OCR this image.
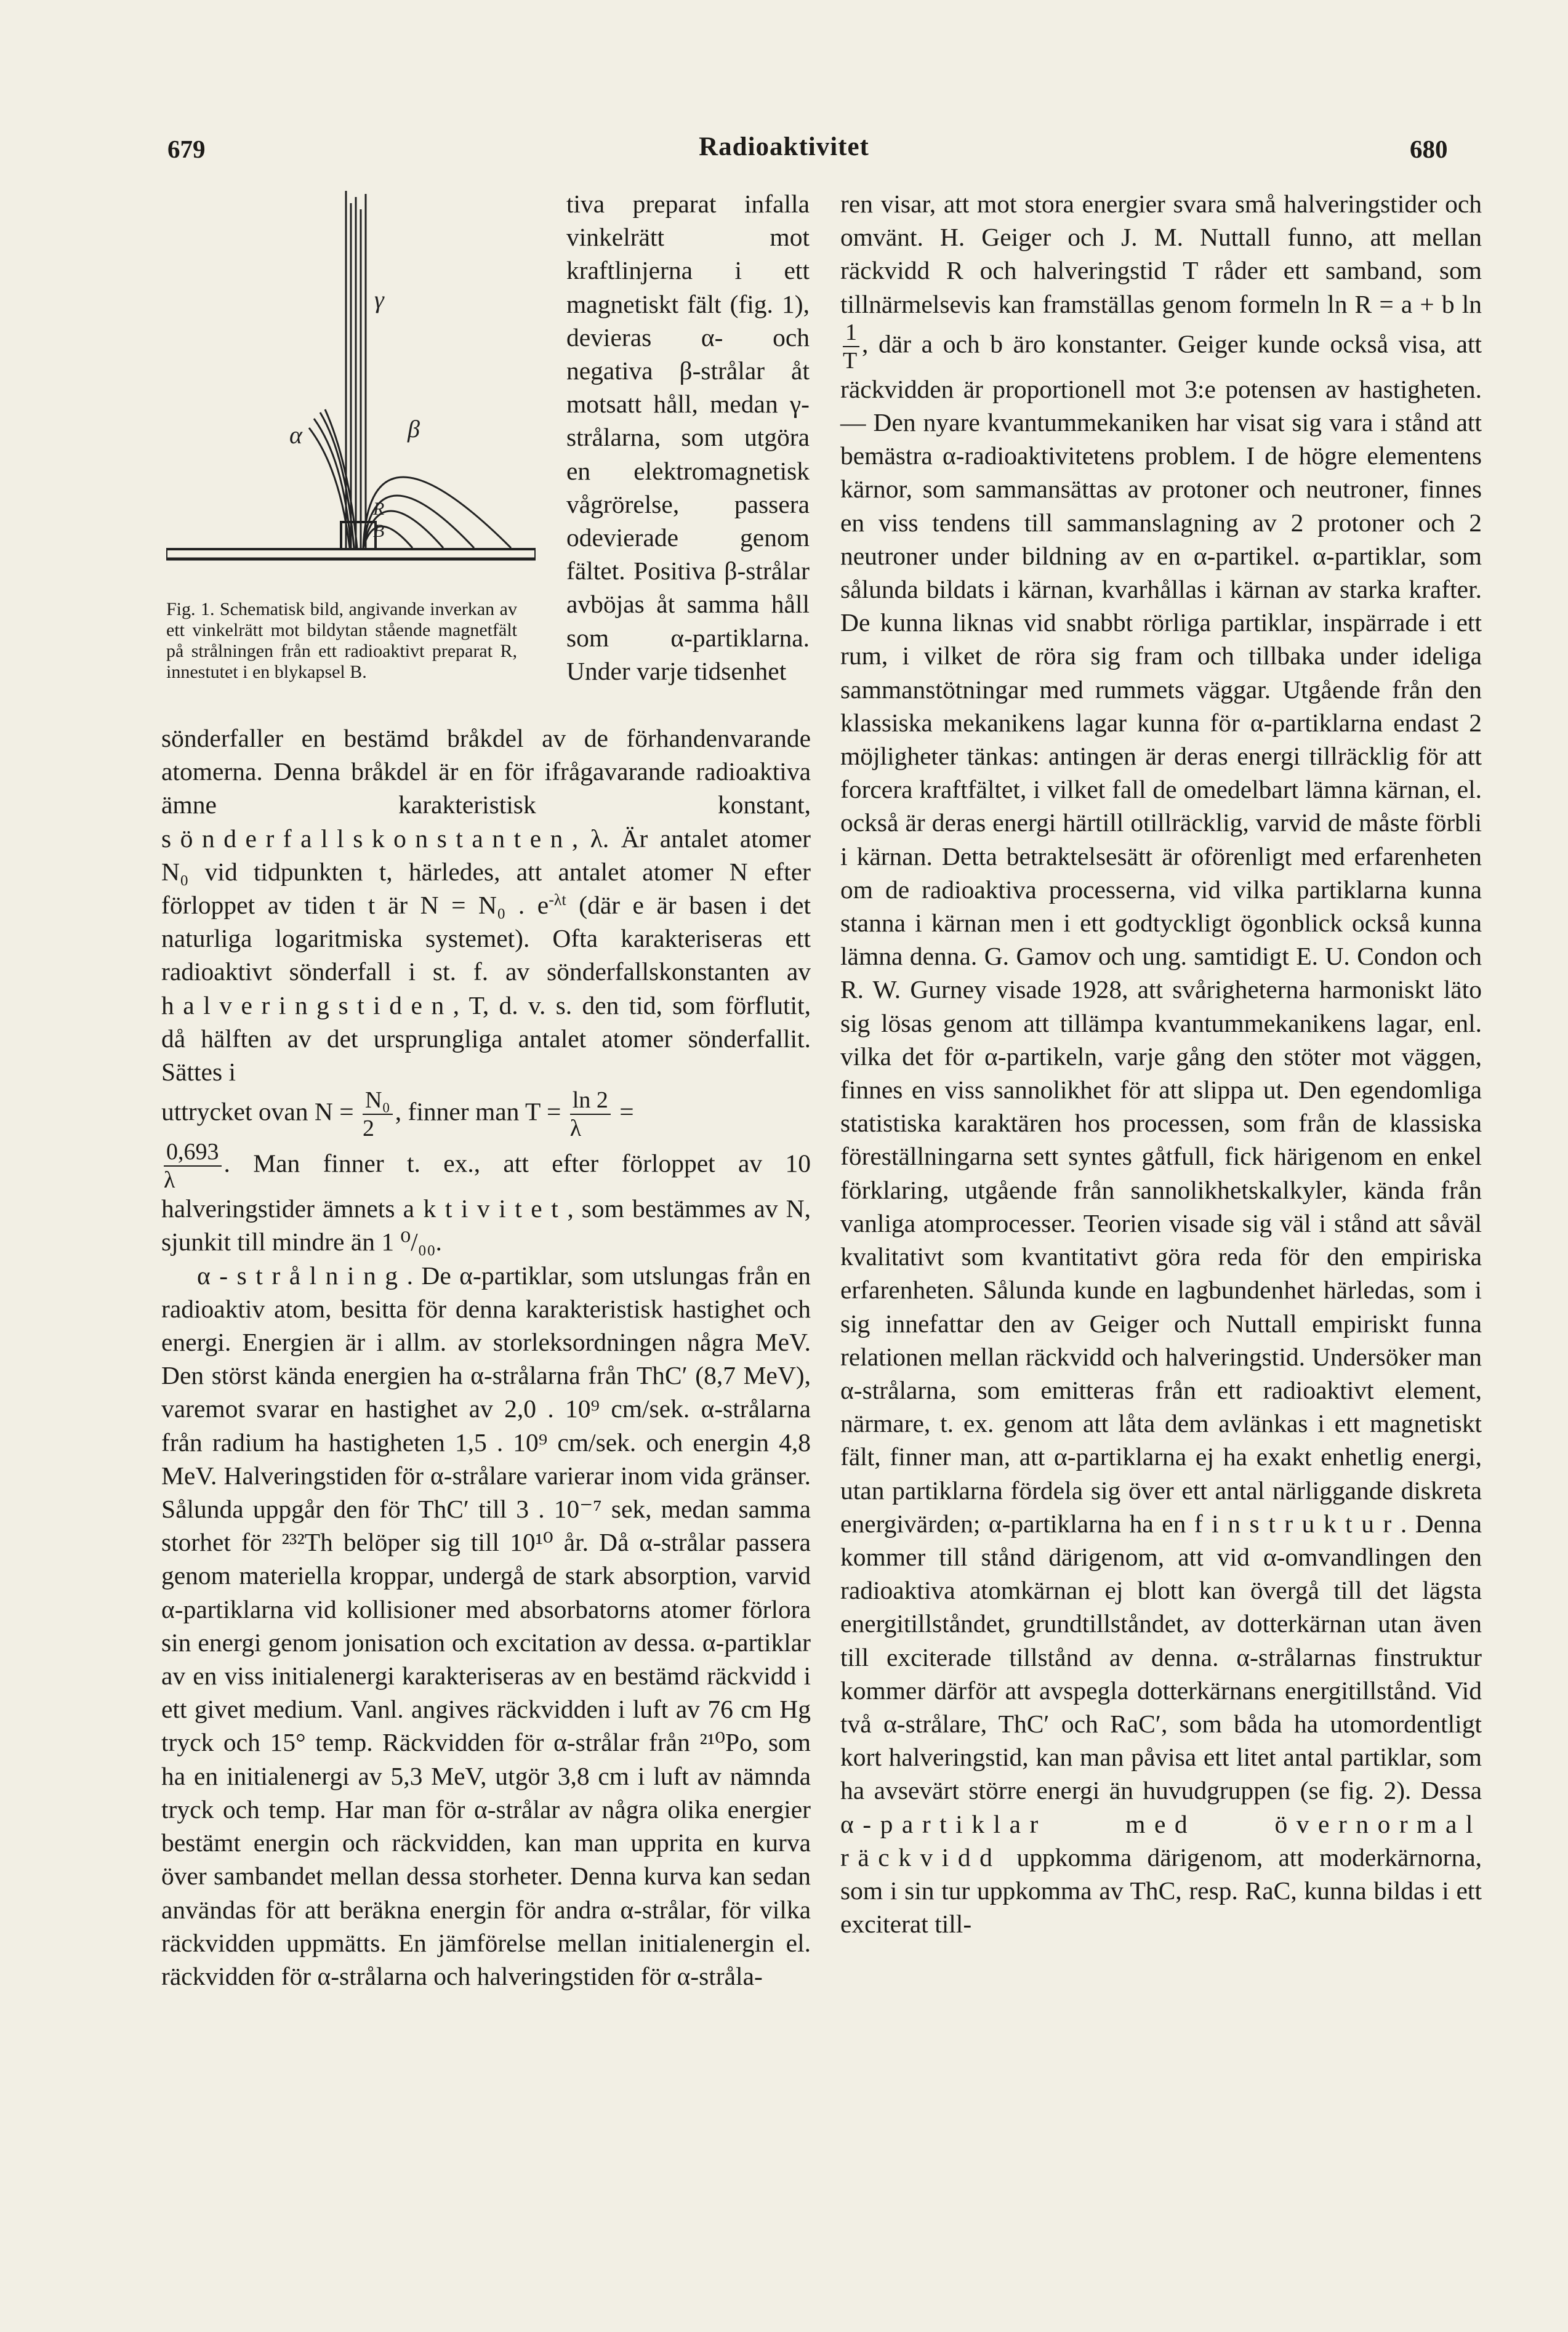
679	Radioaktivitet	680
γ
α	β
R
B
Fig. 1. Schematisk bild, angivande inverkan av ett vinkelrätt mot bildytan stående magnetfält på strålningen från ett radioaktivt preparat R, innestutet i en blykapsel B.

tiva preparat infalla vinkelrätt mot kraftlinjerna i ett magnetiskt fält (fig. 1), devieras α- och negativa β-strålar åt motsatt håll, medan γ-strålarna, som utgöra en elektromagnetisk vågrörelse, passera odevierade genom fältet. Positiva β-strålar avböjas åt samma håll som α-partiklarna. Under varje tidsenhet

sönderfaller en bestämd bråkdel av de förhandenvarande atomerna. Denna bråkdel är en för ifrågavarande radioaktiva ämne karakteristisk konstant, sönderfallskonstanten, λ. Är antalet atomer N₀ vid tidpunkten t, härledes, att antalet atomer N efter förloppet av tiden t är N = N₀ . $e^{-\lambda t}$ (där e är basen i det naturliga logaritmiska systemet). Ofta karakteriseras ett radioaktivt sönderfall i st. f. av sönderfallskonstanten av halveringstiden, T, d. v. s. den tid, som förflutit, då hälften av det ursprungliga antalet atomer sönderfallit. Sättes i

uttrycket ovan $N = \frac{\text{N₀}}{2}$ , finner man $T = \frac{\ln 2}{\lambda}$ =

$\frac{0,693}{\lambda}$ . Man finner t. ex., att efter förloppet av 10 halveringstider ämnets aktivitet, som bestämmes av N, sjunkit till mindre än 1 ⁰/₀₀.

α-strålning. De α-partiklar, som utslungas från en radioaktiv atom, besitta för denna karakteristisk hastighet och energi. Energien är i allm. av storleksordningen några MeV. Den störst kända energien ha α-strålarna från ThC′ (8,7 MeV), varemot svarar en hastighet av 2,0 . 10⁹ cm/sek. α-strålarna från radium ha hastigheten 1,5 . 10⁹ cm/sek. och energin 4,8 MeV. Halveringstiden för α-strålare varierar inom vida gränser. Sålunda uppgår den för ThC′ till 3 . 10⁻⁷ sek, medan samma storhet för ²³²Th belöper sig till 10¹⁰ år. Då α-strålar passera genom materiella kroppar, undergå de stark absorption, varvid α-partiklarna vid kollisioner med absorbatorns atomer förlora sin energi genom jonisation och excitation av dessa. α-partiklar av en viss initialenergi karakteriseras av en bestämd räckvidd i ett givet medium. Vanl. angives räckvidden i luft av 76 cm Hg tryck och 15° temp. Räckvidden för α-strålar från ²¹⁰Po, som ha en initialenergi av 5,3 MeV, utgör 3,8 cm i luft av nämnda tryck och temp. Har man för α-strålar av några olika energier bestämt energin och räckvidden, kan man upprita en kurva över sambandet mellan dessa storheter. Denna kurva kan sedan användas för att beräkna energin för andra α-strålar, för vilka räckvidden uppmätts. En jämförelse mellan initialenergin el. räckvidden för α-strålarna och halveringstiden för α-stråla-

ren visar, att mot stora energier svara små halveringstider och omvänt. H. Geiger och J. M. Nuttall funno, att mellan räckvidd R och halveringstid T råder ett samband, som tillnärmelsevis kan framställas genom formeln ln R = a + b ln
$\frac{1}{T}$ , där a och b äro konstanter. Geiger kunde också visa, att räckvidden är proportionell mot 3:e potensen av hastigheten. — Den nyare kvantummekaniken har visat sig vara i stånd att bemästra α-radioaktivitetens problem. I de högre elementens kärnor, som sammansättas av protoner och neutroner, finnes en viss tendens till sammanslagning av 2 protoner och 2 neutroner under bildning av en α-partikel. α-partiklar, som sålunda bildats i kärnan, kvarhållas i kärnan av starka krafter. De kunna liknas vid snabbt rörliga partiklar, inspärrade i ett rum, i vilket de röra sig fram och tillbaka under ideliga sammanstötningar med rummets väggar. Utgående från den klassiska mekanikens lagar kunna för α-partiklarna endast 2 möjligheter tänkas: antingen är deras energi tillräcklig för att forcera kraftfältet, i vilket fall de omedelbart lämna kärnan, el. också är deras energi härtill otillräcklig, varvid de måste förbli i kärnan. Detta betraktelsesätt är oförenligt med erfarenheten om de radioaktiva processerna, vid vilka partiklarna kunna stanna i kärnan men i ett godtyckligt ögonblick också kunna lämna denna. G. Gamov och ung. samtidigt E. U. Condon och R. W. Gurney visade 1928, att svårigheterna harmoniskt läto sig lösas genom att tillämpa kvantummekanikens lagar, enl. vilka det för α-partikeln, varje gång den stöter mot väggen, finnes en viss sannolikhet för att slippa ut. Den egendomliga statistiska karaktären hos processen, som från de klassiska föreställningarna sett syntes gåtfull, fick härigenom en enkel förklaring, utgående från sannolikhetskalkyler, kända från vanliga atomprocesser. Teorien visade sig väl i stånd att såväl kvalitativt som kvantitativt göra reda för den empiriska erfarenheten. Sålunda kunde en lagbundenhet härledas, som i sig innefattar den av Geiger och Nuttall empiriskt funna relationen mellan räckvidd och halveringstid. Undersöker man α-strålarna, som emitteras från ett radioaktivt element, närmare, t. ex. genom att låta dem avlänkas i ett magnetiskt fält, finner man, att α-partiklarna ej ha exakt enhetlig energi, utan partiklarna fördela sig över ett antal närliggande diskreta energivärden; α-partiklarna ha en finstruktur. Denna kommer till stånd därigenom, att vid α-omvandlingen den radioaktiva atomkärnan ej blott kan övergå till det lägsta energitillståndet, grundtillståndet, av dotterkärnan utan även till exciterade tillstånd av denna. α-strålarnas finstruktur kommer därför att avspegla dotterkärnans energitillstånd. Vid två α-strålare, ThC′ och RaC′, som båda ha utomordentligt kort halveringstid, kan man påvisa ett litet antal partiklar, som ha avsevärt större energi än huvudgruppen (se fig. 2). Dessa α-partiklar med övernormal räckvidd uppkomma därigenom, att moderkärnorna, som i sin tur uppkomma av ThC, resp. RaC, kunna bildas i ett exciterat till-
